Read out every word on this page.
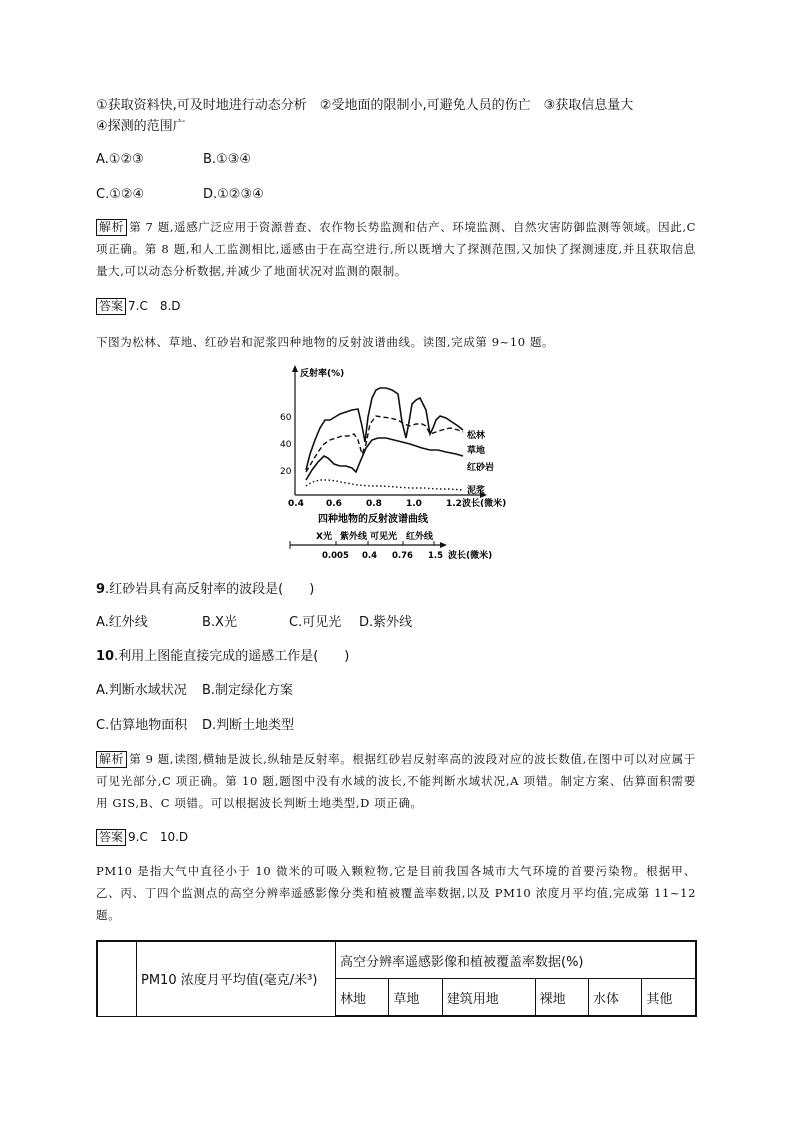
①获取资料快,可及时地进行动态分析　②受地面的限制小,可避免人员的伤亡　③获取信息量大
④探测的范围广
A.①②③	B.①③④
C.①②④	D.①②③④
解析 第 7 题,遥感广泛应用于资源普查、农作物长势监测和估产、环境监测、自然灾害防御监测等领域。因此,C 项正确。第 8 题,和人工监测相比,遥感由于在高空进行,所以既增大了探测范围,又加快了探测速度,并且获取信息量大,可以动态分析数据,并减少了地面状况对监测的限制。
答案 7.C　8.D
下图为松林、草地、红砂岩和泥浆四种地物的反射波谱曲线。读图,完成第 9~10 题。
反射率(%)
60
40
20
0.4 0.6	0.8	1.0	1.2 波长(微米)
松林
草地
红砂岩
泥浆
四种地物的反射波谱曲线
X光 紫外线 可见光 红外线
0.005 0.4 0.76 1.5 波长(微米)
9.红砂岩具有高反射率的波段是(　　)
A.红外线	B.X光	C.可见光 D.紫外线
10.利用上图能直接完成的遥感工作是(　　)
A.判断水域状况 B.制定绿化方案
C.估算地物面积 D.判断土地类型
解析 第 9 题,读图,横轴是波长,纵轴是反射率。根据红砂岩反射率高的波段对应的波长数值,在图中可以对应属于可见光部分,C 项正确。第 10 题,题图中没有水域的波长,不能判断水域状况,A 项错。制定方案、估算面积需要用 GIS,B、C 项错。可以根据波长判断土地类型,D 项正确。
答案 9.C　10.D
PM10 是指大气中直径小于 10 微米的可吸入颗粒物,它是目前我国各城市大气环境的首要污染物。根据甲、乙、丙、丁四个监测点的高空分辨率遥感影像分类和植被覆盖率数据,以及 PM10 浓度月平均值,完成第 11~12 题。
	PM10 浓度月平均值(毫克/米³)	高空分辨率遥感影像和植被覆盖率数据(%)					
		林地	草地	建筑用地	裸地	水体	其他
